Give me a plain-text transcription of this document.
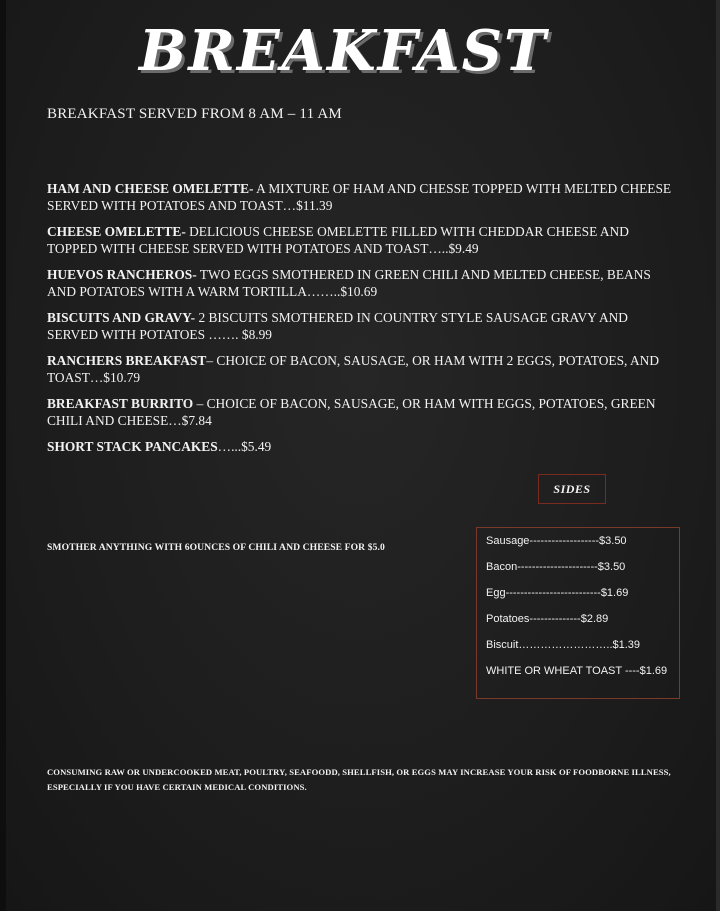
BREAKFAST
BREAKFAST SERVED FROM 8 AM – 11 AM
HAM AND CHEESE OMELETTE- A MIXTURE OF HAM AND CHESSE TOPPED WITH MELTED CHEESE SERVED WITH POTATOES AND TOAST…$11.39
CHEESE OMELETTE- DELICIOUS CHEESE OMELETTE FILLED WITH CHEDDAR CHEESE AND TOPPED WITH CHEESE SERVED WITH POTATOES AND TOAST…..$9.49
HUEVOS RANCHEROS- TWO EGGS SMOTHERED IN GREEN CHILI AND MELTED CHEESE, BEANS AND POTATOES WITH A WARM TORTILLA……..$10.69
BISCUITS AND GRAVY- 2 BISCUITS SMOTHERED IN COUNTRY STYLE SAUSAGE GRAVY AND SERVED WITH POTATOES ……. $8.99
RANCHERS BREAKFAST– CHOICE OF BACON, SAUSAGE, OR HAM WITH 2 EGGS, POTATOES, AND TOAST…$10.79
BREAKFAST BURRITO – CHOICE OF BACON, SAUSAGE, OR HAM WITH EGGS, POTATOES, GREEN CHILI AND CHEESE…$7.84
SHORT STACK PANCAKES…...$5.49
SIDES
SMOTHER ANYTHING WITH 6OUNCES OF CHILI AND CHEESE FOR $5.0
Sausage-------------------$3.50
Bacon----------------------$3.50
Egg--------------------------$1.69
Potatoes--------------$2.89
Biscuit……………………..$1.39
WHITE OR WHEAT TOAST ----$1.69
CONSUMING RAW OR UNDERCOOKED MEAT, POULTRY, SEAFOODD, SHELLFISH, OR EGGS MAY INCREASE YOUR RISK OF FOODBORNE ILLNESS, ESPECIALLY IF YOU HAVE CERTAIN MEDICAL CONDITIONS.
